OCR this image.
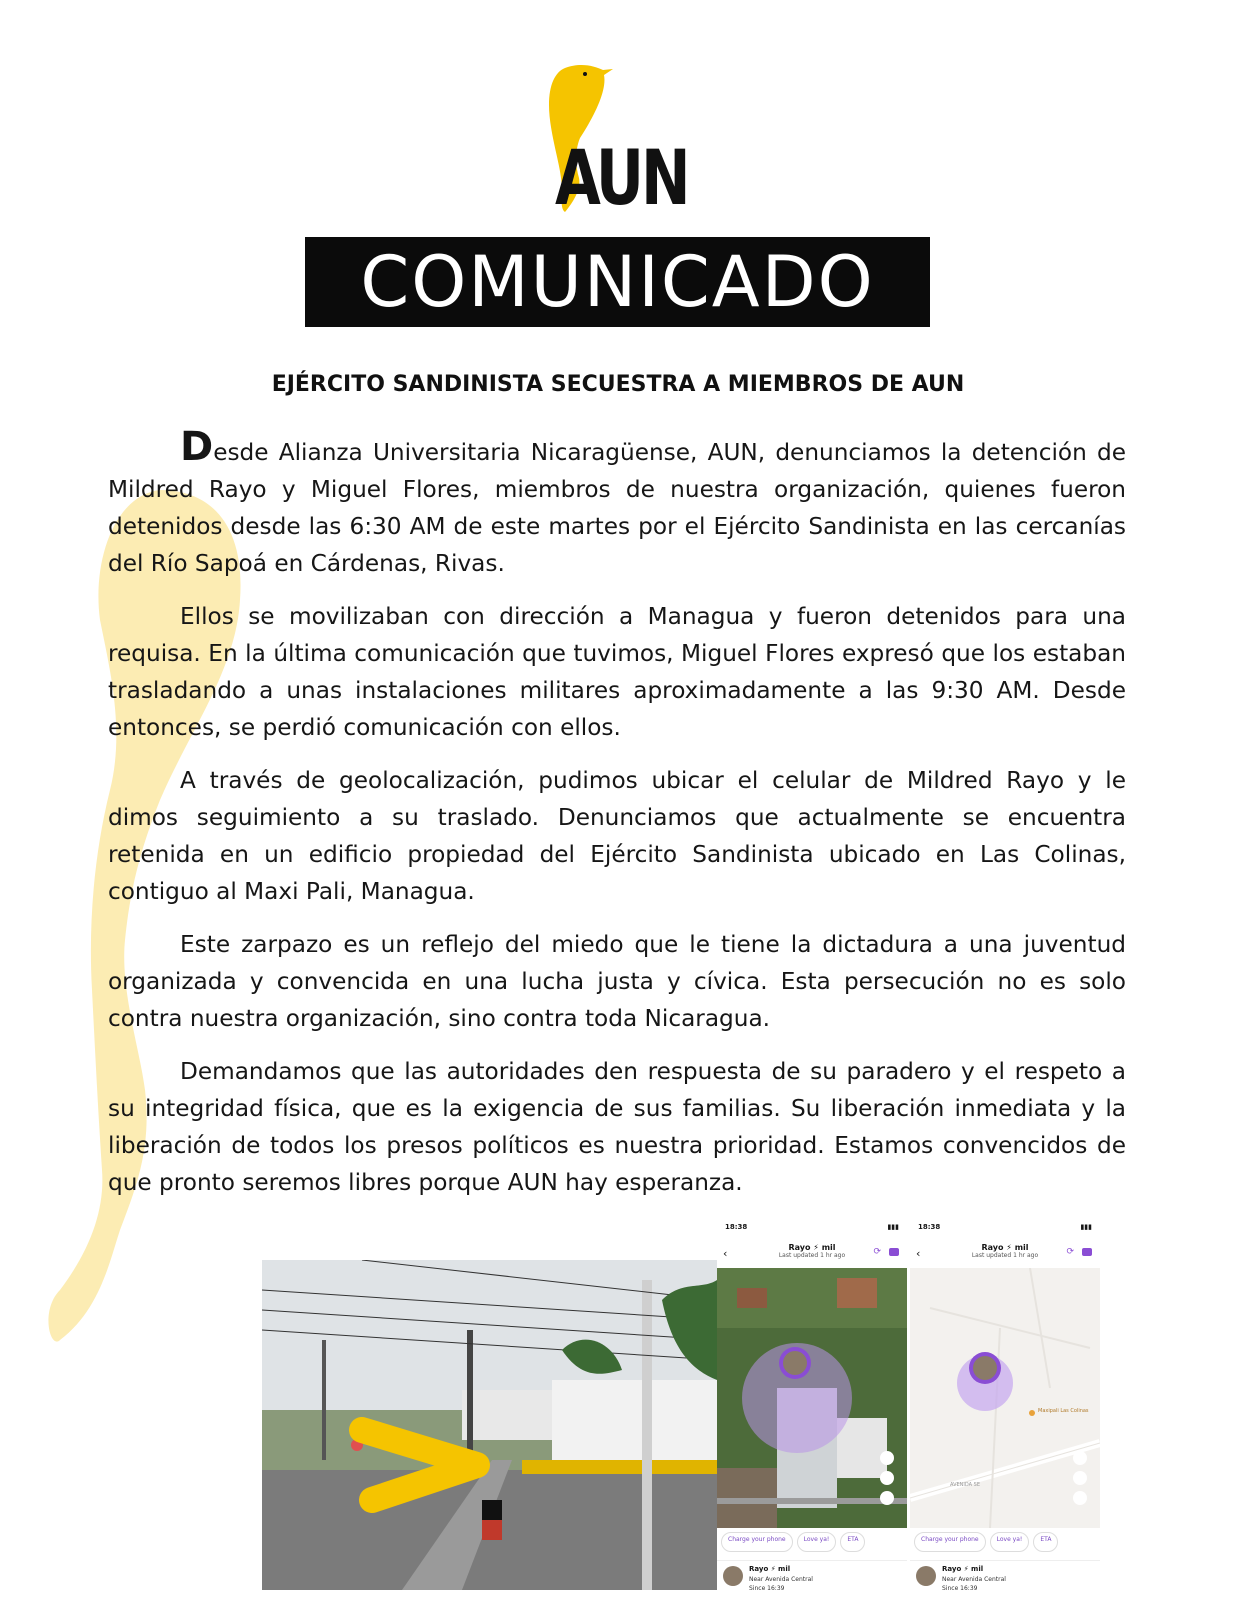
AUN
COMUNICADO
EJÉRCITO SANDINISTA SECUESTRA A MIEMBROS DE AUN

Desde Alianza Universitaria Nicaragüense, AUN, denunciamos la detención de Mildred Rayo y Miguel Flores, miembros de nuestra organización, quienes fueron detenidos desde las 6:30 AM de este martes por el Ejército Sandinista en las cercanías del Río Sapoá en Cárdenas, Rivas.

Ellos se movilizaban con dirección a Managua y fueron detenidos para una requisa. En la última comunicación que tuvimos, Miguel Flores expresó que los estaban trasladando a unas instalaciones militares aproximadamente a las 9:30 AM. Desde entonces, se perdió comunicación con ellos.

A través de geolocalización, pudimos ubicar el celular de Mildred Rayo y le dimos seguimiento a su traslado. Denunciamos que actualmente se encuentra retenida en un edificio propiedad del Ejército Sandinista ubicado en Las Colinas, contiguo al Maxi Pali, Managua.

Este zarpazo es un reflejo del miedo que le tiene la dictadura a una juventud organizada y convencida en una lucha justa y cívica. Esta persecución no es solo contra nuestra organización, sino contra toda Nicaragua.

Demandamos que las autoridades den respuesta de su paradero y el respeto a su integridad física, que es la exigencia de sus familias. Su liberación inmediata y la liberación de todos los presos políticos es nuestra prioridad. Estamos convencidos de que pronto seremos libres porque AUN hay esperanza.

18:38	▮▮▮
‹	Rayo ⚡ mil
Last updated 1 hr ago	⟳
Charge your phone	Love ya!	ETA
Rayo ⚡ mil
Near Avenida Central
Since 16:39
18:38	▮▮▮
‹	Rayo ⚡ mil
Last updated 1 hr ago	⟳
Maxipali Las Colinas
AVENIDA SE
Charge your phone	Love ya!	ETA
Rayo ⚡ mil
Near Avenida Central
Since 16:39
